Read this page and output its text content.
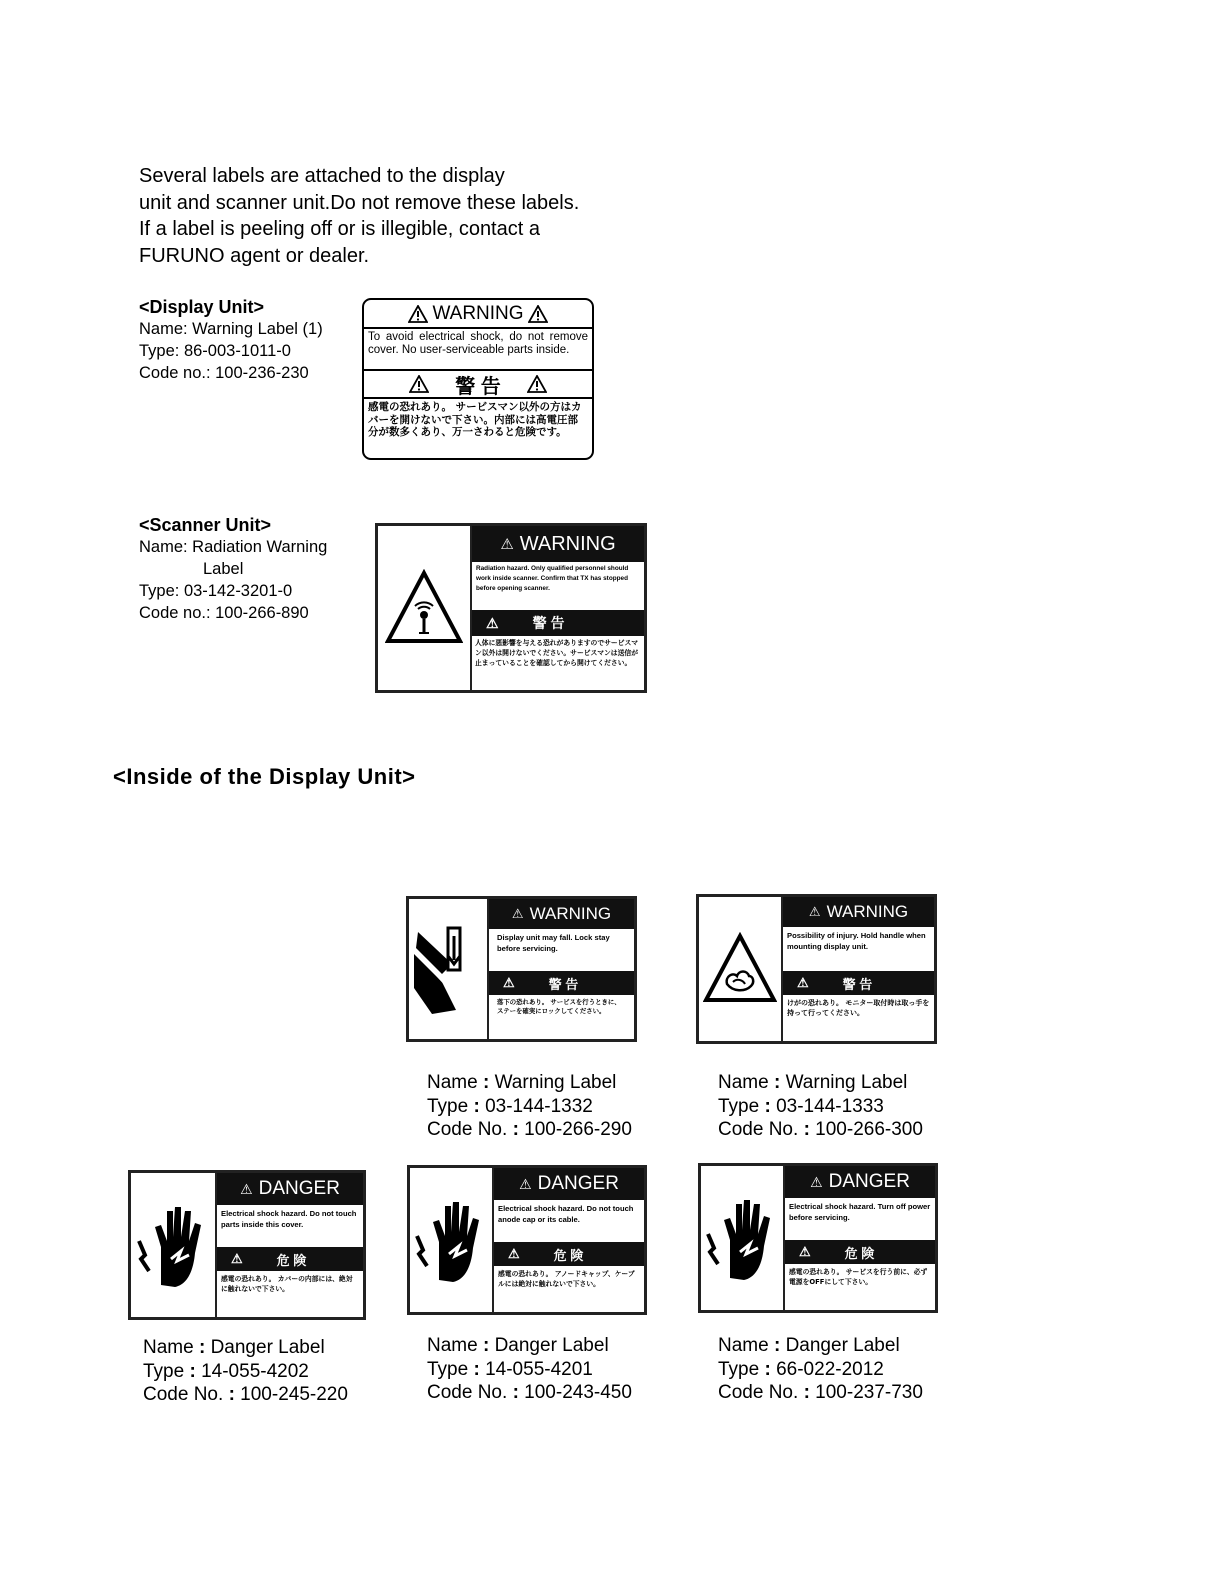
Several labels are attached to the display
unit and scanner unit.Do not remove these labels.
If a label is peeling off or is illegible, contact a
FURUNO agent or dealer.
<Display Unit>
Name: Warning Label (1)
Type: 86-003-1011-0
Code no.: 100-236-230
WARNING
To avoid electrical shock, do not remove cover. No user-serviceable parts inside.
警 告
感電の恐れあり。 サービスマン以外の方はカバーを開けないで下さい。内部には高電圧部分が数多くあり、万一さわると危険です。
<Scanner Unit>
Name: Radiation Warning
Label
Type: 03-142-3201-0
Code no.: 100-266-890
⚠ WARNING
Radiation hazard. Only qualified personnel should work inside scanner. Confirm that TX has stopped before opening scanner.
⚠ 警 告
人体に悪影響を与える恐れがありますのでサービスマン以外は開けないでください。サービスマンは送信が止まっていることを確認してから開けてください。
<Inside of the Display Unit>
⚠ WARNING
Display unit may fall. Lock stay before servicing.
⚠	警 告
落下の恐れあり。 サービスを行うときに、ステーを確実にロックしてください。
⚠ WARNING
Possibility of injury. Hold handle when mounting display unit.
⚠	警 告
けがの恐れあり。 モニター取付時は取っ手を持って行ってください。
Name : Warning Label
Type : 03-144-1332
Code No. : 100-266-290
Name : Warning Label
Type : 03-144-1333
Code No. : 100-266-300
⚠ DANGER
Electrical shock hazard. Do not touch parts inside this cover.
⚠	危 険
感電の恐れあり。 カバーの内部には、絶対に触れないで下さい。
⚠ DANGER
Electrical shock hazard. Do not touch anode cap or its cable.
⚠	危 険
感電の恐れあり。 アノードキャップ、ケーブルには絶対に触れないで下さい。
⚠ DANGER
Electrical shock hazard. Turn off power before servicing.
⚠	危 険
感電の恐れあり。 サービスを行う前に、必ず電源をOFFにして下さい。
Name : Danger Label
Type : 14-055-4202
Code No. : 100-245-220
Name : Danger Label
Type : 14-055-4201
Code No. : 100-243-450
Name : Danger Label
Type : 66-022-2012
Code No. : 100-237-730
